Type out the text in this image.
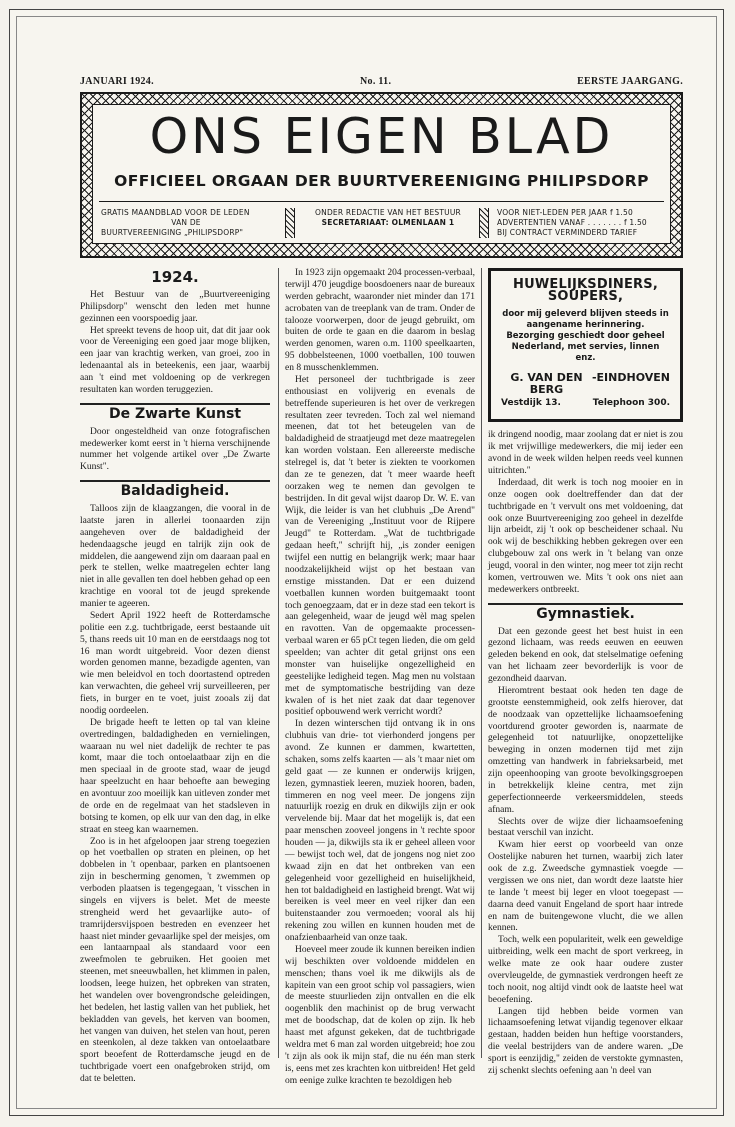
JANUARI 1924.	No. 11.	EERSTE JAARGANG.
ONS EIGEN BLAD
OFFICIEEL ORGAAN DER BUURTVEREENIGING PHILIPSDORP
GRATIS MAANDBLAD VOOR DE LEDEN
VAN DE
BUURTVEREENIGING „PHILIPSDORP"
ONDER REDACTIE VAN HET BESTUUR
SECRETARIAAT: OLMENLAAN 1
VOOR NIET-LEDEN PER JAAR f 1.50
ADVERTENTIEN VANAF . . . . . . . f 1.50
BIJ CONTRACT VERMINDERD TARIEF
1924.

Het Bestuur van de „Buurtvereeniging Philipsdorp" wenscht den leden met hunne gezinnen een voorspoedig jaar.

Het spreekt tevens de hoop uit, dat dit jaar ook voor de Vereeniging een goed jaar moge blijken, een jaar van krachtig werken, van groei, zoo in ledenaantal als in beteekenis, een jaar, waarbij aan 't eind met voldoening op de verkregen resultaten kan worden teruggezien.

De Zwarte Kunst

Door ongesteldheid van onze fotografischen medewerker komt eerst in 't hierna verschijnende nummer het volgende artikel over „De Zwarte Kunst".

Baldadigheid.

Talloos zijn de klaagzangen, die vooral in de laatste jaren in allerlei toonaarden zijn aangeheven over de baldadigheid der hedendaagsche jeugd en talrijk zijn ook de middelen, die aangewend zijn om daaraan paal en perk te stellen, welke maatregelen echter lang niet in alle gevallen ten doel hebben gehad op een krachtige en vooral tot de jeugd sprekende manier te ageeren.

Sedert April 1922 heeft de Rotterdamsche politie een z.g. tuchtbrigade, eerst bestaande uit 5, thans reeds uit 10 man en de eerstdaags nog tot 16 man wordt uitgebreid. Voor dezen dienst worden genomen manne, bezadigde agenten, van wie men beleidvol en toch doortastend optreden kan verwachten, die geheel vrij surveilleeren, per fiets, in burger en te voet, juist zooals zij dat noodig oordeelen.

De brigade heeft te letten op tal van kleine overtredingen, baldadigheden en vernielingen, waaraan nu wel niet dadelijk de rechter te pas komt, maar die toch ontoelaatbaar zijn en die men speciaal in de groote stad, waar de jeugd haar speelzucht en haar behoefte aan beweging en avontuur zoo moeilijk kan uitleven zonder met de orde en de regelmaat van het stadsleven in botsing te komen, op elk uur van den dag, in elke straat en steeg kan waarnemen.

Zoo is in het afgeloopen jaar streng toegezien op het voetballen op straten en pleinen, op het dobbelen in 't openbaar, parken en plantsoenen zijn in bescherming genomen, 't zwemmen op verboden plaatsen is tegengegaan, 't visschen in singels en vijvers is belet. Met de meeste strengheid werd het gevaarlijke auto- of tramrijdersvijspoen bestreden en evenzeer het haast niet minder gevaarlijke spel der meisjes, om een lantaarnpaal als standaard voor een zweefmolen te gebruiken. Het gooien met steenen, met sneeuwballen, het klimmen in palen, loodsen, leege huizen, het opbreken van straten, het wandelen over bovengrondsche geleidingen, het bedelen, het lastig vallen van het publiek, het bekladden van gevels, het kerven van boomen, het vangen van duiven, het stelen van hout, peren en steenkolen, al deze takken van ontoelaatbare sport beoefent de Rotterdamsche jeugd en de tuchtbrigade voert een onafgebroken strijd, om dat te beletten.

In 1923 zijn opgemaakt 204 processen-verbaal, terwijl 470 jeugdige boosdoeners naar de bureaux werden gebracht, waaronder niet minder dan 171 acrobaten van de treeplank van de tram. Onder de talooze voorwerpen, door de jeugd gebruikt, om buiten de orde te gaan en die daarom in beslag werden genomen, waren o.m. 1100 speelkaarten, 95 dobbelsteenen, 1000 voetballen, 100 touwen en 8 musschenklemmen.

Het personeel der tuchtbrigade is zeer enthousiast en volijverig en evenals de betreffende superieuren is het over de verkregen resultaten zeer tevreden. Toch zal wel niemand meenen, dat tot het beteugelen van de baldadigheid de straatjeugd met deze maatregelen kan worden volstaan. Een allereerste medische stelregel is, dat 't beter is ziekten te voorkomen dan ze te genezen, dat 't meer waarde heeft oorzaken weg te nemen dan gevolgen te bestrijden. In dit geval wijst daarop Dr. W. E. van Wijk, die leider is van het clubhuis „De Arend" van de Vereeniging „Instituut voor de Rijpere Jeugd" te Rotterdam. „Wat de tuchtbrigade gedaan heeft," schrijft hij, „is zonder eenigen twijfel een nuttig en belangrijk werk; maar haar noodzakelijkheid wijst op het bestaan van ernstige misstanden. Dat er een duizend voetballen kunnen worden buitgemaakt toont toch genoegzaam, dat er in deze stad een tekort is aan gelegenheid, waar de jeugd wèl mag spelen en ravotten. Van de opgemaakte processen-verbaal waren er 65 pCt tegen lieden, die om geld speelden; van achter dit getal grijnst ons een monster van huiselijke ongezelligheid en geestelijke ledigheid tegen. Mag men nu volstaan met de symptomatische bestrijding van deze kwalen of is het niet zaak dat daar tegenover positief opbouwend werk verricht wordt?

In dezen winterschen tijd ontvang ik in ons clubhuis van drie- tot vierhonderd jongens per avond. Ze kunnen er dammen, kwartetten, schaken, soms zelfs kaarten — als 't maar niet om geld gaat — ze kunnen er onderwijs krijgen, lezen, gymnastiek leeren, muziek hooren, baden, timmeren en nog veel meer. De jongens zijn natuurlijk roezig en druk en dikwijls zijn er ook vervelende bij. Maar dat het mogelijk is, dat een paar menschen zooveel jongens in 't rechte spoor houden — ja, dikwijls sta ik er geheel alleen voor — bewijst toch wel, dat de jongens nog niet zoo kwaad zijn en dat het ontbreken van een gelegenheid voor gezelligheid en huiselijkheid, hen tot baldadigheid en lastigheid brengt. Wat wij bereiken is veel meer en veel rijker dan een buitenstaander zou vermoeden; vooral als hij rekening zou willen en kunnen houden met de onafzienbaarheid van onze taak.

Hoeveel meer zoude ik kunnen bereiken indien wij beschikten over voldoende middelen en menschen; thans voel ik me dikwijls als de kapitein van een groot schip vol passagiers, wien de meeste stuurlieden zijn ontvallen en die elk oogenblik den machinist op de brug verwacht met de boodschap, dat de kolen op zijn. Ik heb haast met afgunst gekeken, dat de tuchtbrigade weldra met 6 man zal worden uitgebreid; hoe zou 't zijn als ook ik mijn staf, die nu één man sterk is, eens met zes krachten kon uitbreiden! Het geld om eenige zulke krachten te bezoldigen heb

HUWELIJKSDINERS, SOUPERS,
door mij geleverd blijven steeds in
aangename herinnering.
Bezorging geschiedt door geheel
Nederland, met servies, linnen enz.
G. VAN DEN BERG
- EINDHOVEN
Vestdijk 13.	Telephoon 300.

ik dringend noodig, maar zoolang dat er niet is zou ik met vrijwillige medewerkers, die mij ieder een avond in de week wilden helpen reeds veel kunnen uitrichten."

Inderdaad, dit werk is toch nog mooier en in onze oogen ook doeltreffender dan dat der tuchtbrigade en 't vervult ons met voldoening, dat ook onze Buurtvereeniging zoo geheel in dezelfde lijn arbeidt, zij 't ook op bescheidener schaal. Nu ook wij de beschikking hebben gekregen over een clubgebouw zal ons werk in 't belang van onze jeugd, vooral in den winter, nog meer tot zijn recht komen, vertrouwen we. Mits 't ook ons niet aan medewerkers ontbreekt.

Gymnastiek.

Dat een gezonde geest het best huist in een gezond lichaam, was reeds eeuwen en eeuwen geleden bekend en ook, dat stelselmatige oefening van het lichaam zeer bevorderlijk is voor de gezondheid daarvan.

Hieromtrent bestaat ook heden ten dage de grootste eenstemmigheid, ook zelfs hierover, dat de noodzaak van opzettelijke lichaamsoefening voortdurend grooter geworden is, naarmate de gelegenheid tot natuurlijke, onopzettelijke beweging in onzen modernen tijd met zijn omzetting van handwerk in fabrieksarbeid, met zijn opeenhooping van groote bevolkingsgroepen in betrekkelijk kleine centra, met zijn geperfectionneerde verkeersmiddelen, steeds afnam.

Slechts over de wijze dier lichaamsoefening bestaat verschil van inzicht.

Kwam hier eerst op voorbeeld van onze Oostelijke naburen het turnen, waarbij zich later ook de z.g. Zweedsche gymnastiek voegde — vergissen we ons niet, dan wordt deze laatste hier te lande 't meest bij leger en vloot toegepast — daarna deed vanuit Engeland de sport haar intrede en nam de buitengewone vlucht, die we allen kennen.

Toch, welk een populariteit, welk een geweldige uitbreiding, welk een macht de sport verkreeg, in welke mate ze ook haar oudere zuster overvleugelde, de gymnastiek verdrongen heeft ze toch nooit, nog altijd vindt ook de laatste heel wat beoefening.

Langen tijd hebben beide vormen van lichaamsoefening letwat vijandig tegenover elkaar gestaan, hadden beiden hun heftige voorstanders, die veelal bestrijders van de andere waren. „De sport is eenzijdig," zeiden de verstokte gymnasten, zij schenkt slechts oefening aan 'n deel van
